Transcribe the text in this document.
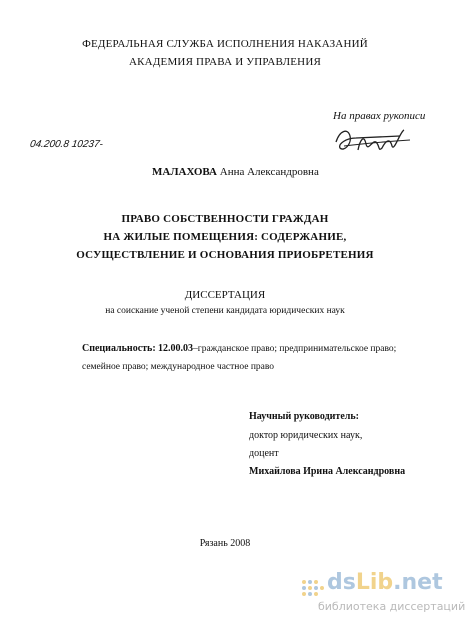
ФЕДЕРАЛЬНАЯ СЛУЖБА ИСПОЛНЕНИЯ НАКАЗАНИЙ
АКАДЕМИЯ ПРАВА И УПРАВЛЕНИЯ
На правах рукописи
04.200.8 10237-
МАЛАХОВА Анна Александровна
ПРАВО СОБСТВЕННОСТИ ГРАЖДАН
НА ЖИЛЫЕ ПОМЕЩЕНИЯ: СОДЕРЖАНИЕ,
ОСУЩЕСТВЛЕНИЕ И ОСНОВАНИЯ ПРИОБРЕТЕНИЯ
ДИССЕРТАЦИЯ
на соискание ученой степени кандидата юридических наук
Специальность: 12.00.03–гражданское право; предпринимательское право;
семейное право; международное частное право
Научный руководитель:
доктор юридических наук,
доцент
Михайлова Ирина Александровна
Рязань 2008
dsLib.net
библиотека диссертаций
